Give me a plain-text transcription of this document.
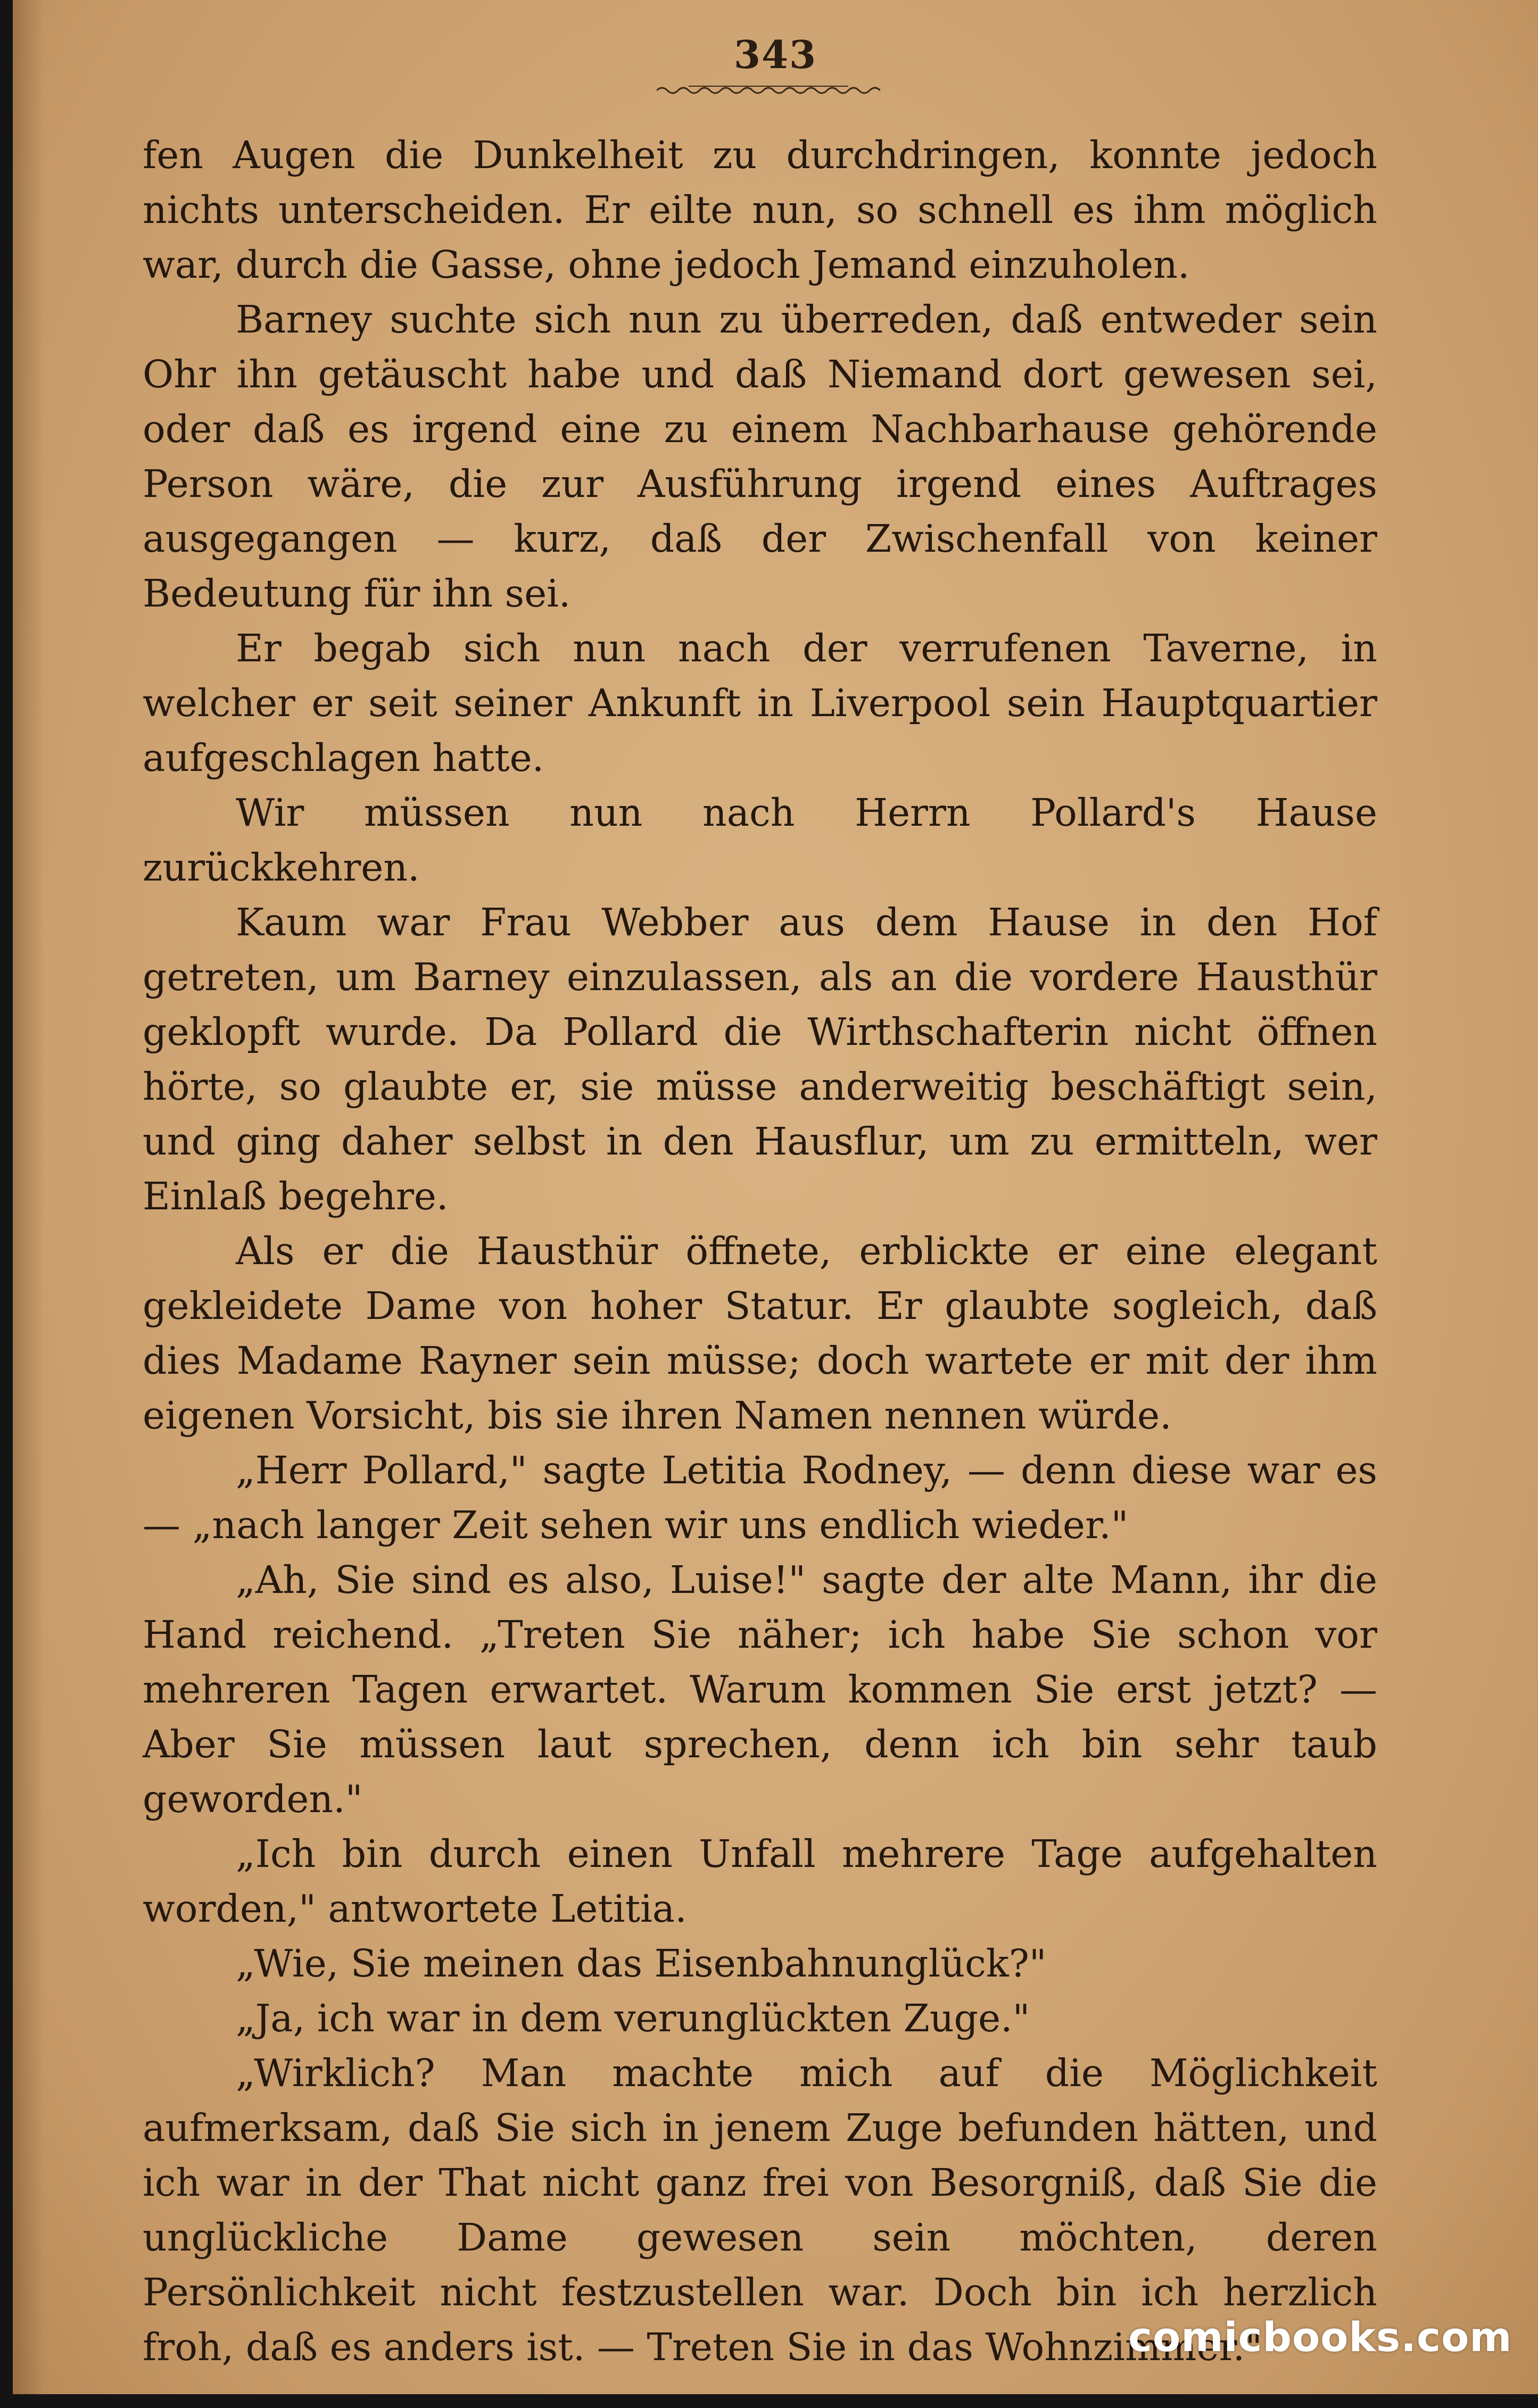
343

fen Augen die Dunkelheit zu durchdringen, konnte jedoch nichts unterscheiden. Er eilte nun, so schnell es ihm möglich war, durch die Gasse, ohne jedoch Jemand einzuholen.

Barney suchte sich nun zu überreden, daß entweder sein Ohr ihn getäuscht habe und daß Niemand dort gewesen sei, oder daß es irgend eine zu einem Nachbarhause gehörende Person wäre, die zur Ausführung irgend eines Auftrages ausgegangen — kurz, daß der Zwischenfall von keiner Bedeutung für ihn sei.

Er begab sich nun nach der verrufenen Taverne, in welcher er seit seiner Ankunft in Liverpool sein Hauptquartier aufgeschlagen hatte.

Wir müssen nun nach Herrn Pollard's Hause zurückkehren.

Kaum war Frau Webber aus dem Hause in den Hof getreten, um Barney einzulassen, als an die vordere Hausthür geklopft wurde. Da Pollard die Wirthschafterin nicht öffnen hörte, so glaubte er, sie müsse anderweitig beschäftigt sein, und ging daher selbst in den Hausflur, um zu ermitteln, wer Einlaß begehre.

Als er die Hausthür öffnete, erblickte er eine elegant gekleidete Dame von hoher Statur. Er glaubte sogleich, daß dies Madame Rayner sein müsse; doch wartete er mit der ihm eigenen Vorsicht, bis sie ihren Namen nennen würde.

„Herr Pollard," sagte Letitia Rodney, — denn diese war es — „nach langer Zeit sehen wir uns endlich wieder."

„Ah, Sie sind es also, Luise!" sagte der alte Mann, ihr die Hand reichend. „Treten Sie näher; ich habe Sie schon vor mehreren Tagen erwartet. Warum kommen Sie erst jetzt? — Aber Sie müssen laut sprechen, denn ich bin sehr taub geworden."

„Ich bin durch einen Unfall mehrere Tage aufgehalten worden," antwortete Letitia.

„Wie, Sie meinen das Eisenbahnunglück?"

„Ja, ich war in dem verunglückten Zuge."

„Wirklich? Man machte mich auf die Möglichkeit aufmerksam, daß Sie sich in jenem Zuge befunden hätten, und ich war in der That nicht ganz frei von Besorgniß, daß Sie die unglückliche Dame gewesen sein möchten, deren Persönlichkeit nicht festzustellen war. Doch bin ich herzlich froh, daß es anders ist. — Treten Sie in das Wohnzimmer."

comicbooks.com
